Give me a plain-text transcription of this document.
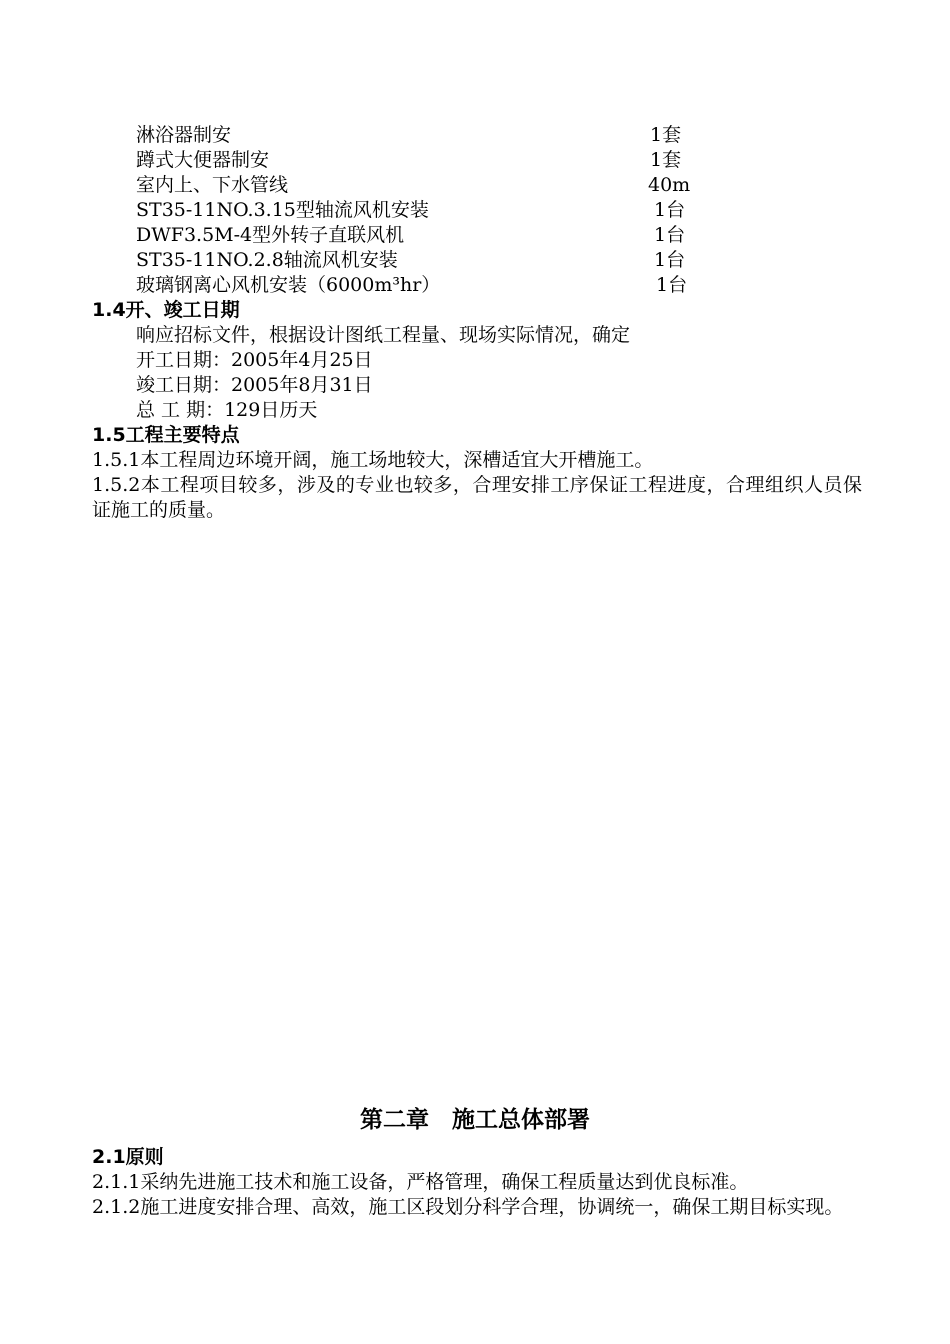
淋浴器制安	1套
蹲式大便器制安	1套
室内上、下水管线	40m
ST35-11NO.3.15型轴流风机安装	1台
DWF3.5M-4型外转子直联风机	1台
ST35-11NO.2.8轴流风机安装	1台
玻璃钢离心风机安装（6000m³hr）	1台
1.4开、竣工日期
响应招标文件，根据设计图纸工程量、现场实际情况，确定
开工日期：2005年4月25日
竣工日期：2005年8月31日
总 工 期：129日历天
1.5工程主要特点
1.5.1本工程周边环境开阔，施工场地较大，深槽适宜大开槽施工。
1.5.2本工程项目较多，涉及的专业也较多，合理安排工序保证工程进度，合理组织人员保证施工的质量。
第二章　施工总体部署
2.1原则
2.1.1采纳先进施工技术和施工设备，严格管理，确保工程质量达到优良标准。
2.1.2施工进度安排合理、高效，施工区段划分科学合理，协调统一，确保工期目标实现。
